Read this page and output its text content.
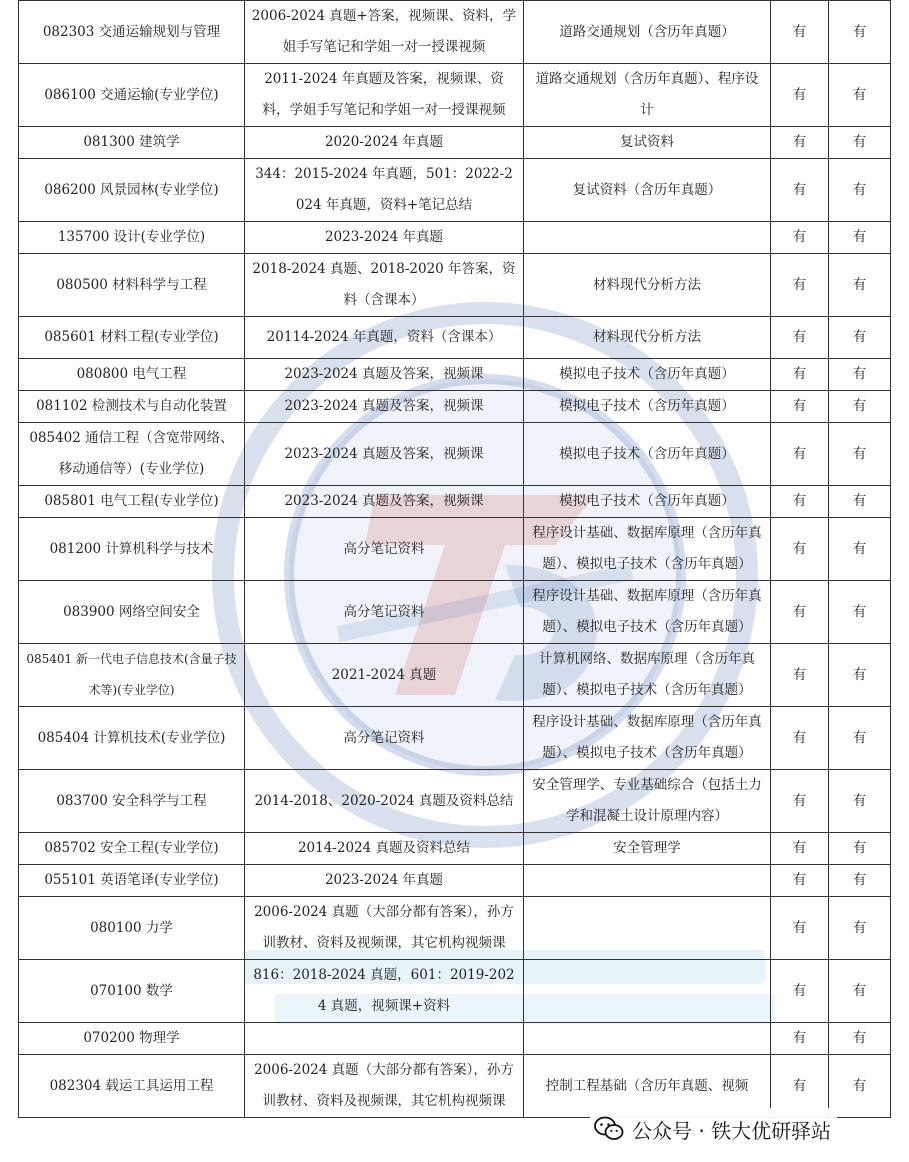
082303 交通运输规划与管理	2006-2024 真题+答案，视频课、资料，学姐手写笔记和学姐一对一授课视频	道路交通规划（含历年真题）	有	有
086100 交通运输(专业学位)	2011-2024 年真题及答案，视频课、资料，学姐手写笔记和学姐一对一授课视频	道路交通规划（含历年真题）、程序设计	有	有
081300 建筑学	2020-2024 年真题	复试资料	有	有
086200 风景园林(专业学位)	344：2015-2024 年真题，501：2022-2024 年真题，资料+笔记总结	复试资料（含历年真题）	有	有
135700 设计(专业学位)	2023-2024 年真题		有	有
080500 材料科学与工程	2018-2024 真题、2018-2020 年答案，资料（含课本）	材料现代分析方法	有	有
085601 材料工程(专业学位)	20114-2024 年真题，资料（含课本）	材料现代分析方法	有	有
080800 电气工程	2023-2024 真题及答案，视频课	模拟电子技术（含历年真题）	有	有
081102 检测技术与自动化装置	2023-2024 真题及答案，视频课	模拟电子技术（含历年真题）	有	有
085402 通信工程（含宽带网络、移动通信等）(专业学位)	2023-2024 真题及答案，视频课	模拟电子技术（含历年真题）	有	有
085801 电气工程(专业学位)	2023-2024 真题及答案，视频课	模拟电子技术（含历年真题）	有	有
081200 计算机科学与技术	高分笔记资料	程序设计基础、数据库原理（含历年真题）、模拟电子技术（含历年真题）	有	有
083900 网络空间安全	高分笔记资料	程序设计基础、数据库原理（含历年真题）、模拟电子技术（含历年真题）	有	有
085401 新一代电子信息技术(含量子技术等)(专业学位)	2021-2024 真题	计算机网络、数据库原理（含历年真题）、模拟电子技术（含历年真题）	有	有
085404 计算机技术(专业学位)	高分笔记资料	程序设计基础、数据库原理（含历年真题）、模拟电子技术（含历年真题）	有	有
083700 安全科学与工程	2014-2018、2020-2024 真题及资料总结	安全管理学、专业基础综合（包括土力学和混凝土设计原理内容）	有	有
085702 安全工程(专业学位)	2014-2024 真题及资料总结	安全管理学	有	有
055101 英语笔译(专业学位)	2023-2024 年真题		有	有
080100 力学	2006-2024 真题（大部分都有答案），孙方训教材、资料及视频课，其它机构视频课		有	有
070100 数学	816：2018-2024 真题，601：2019-2024 真题，视频课+资料		有	有
070200 物理学			有	有
082304 载运工具运用工程	2006-2024 真题（大部分都有答案），孙方训教材、资料及视频课，其它机构视频课	控制工程基础（含历年真题、视频	有	有
公众号 · 铁大优研驿站
